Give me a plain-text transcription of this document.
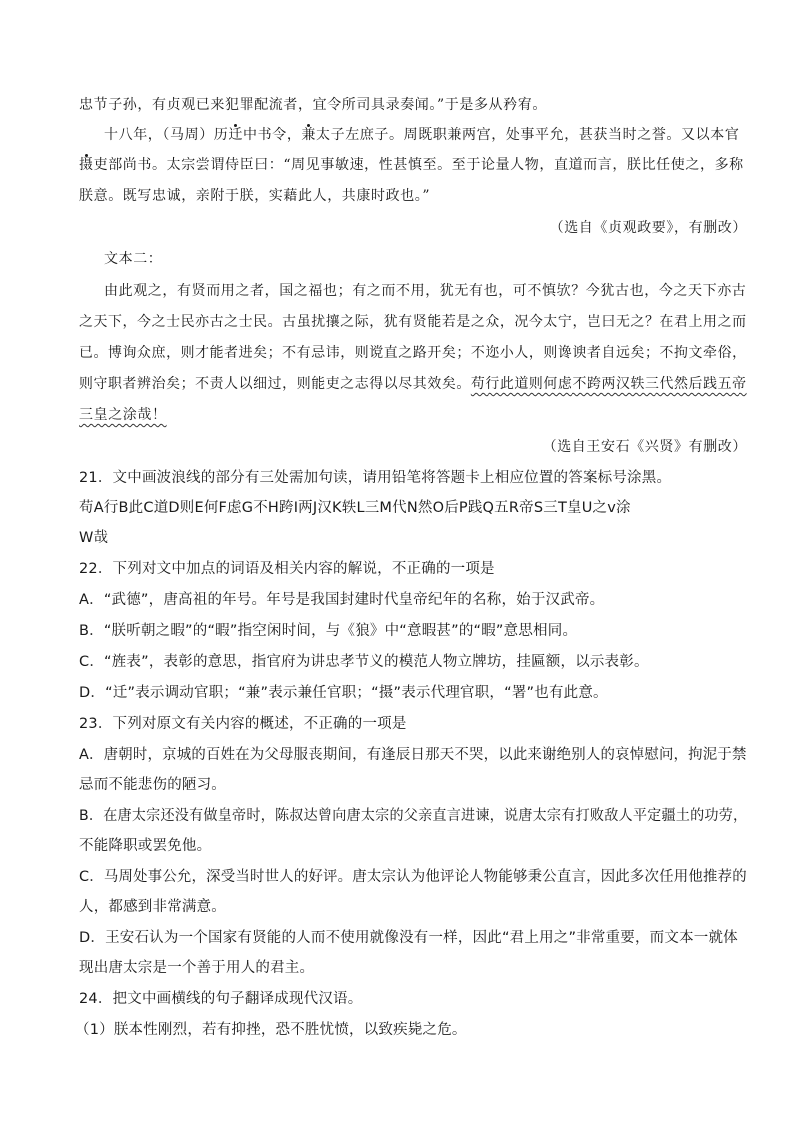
忠节子孙，有贞观已来犯罪配流者，宜令所司具录奏闻。”于是多从矜宥。
十八年，（马周）历迁中书令，兼太子左庶子。周既职兼两宫，处事平允，甚获当时之誉。又以本官
摄吏部尚书。太宗尝谓侍臣曰：“周见事敏速，性甚慎至。至于论量人物，直道而言，朕比任使之，多称
朕意。既写忠诚，亲附于朕，实藉此人，共康时政也。”
（选自《贞观政要》，有删改）
文本二：
由此观之，有贤而用之者，国之福也；有之而不用，犹无有也，可不慎欤？今犹古也，今之天下亦古
之天下，今之士民亦古之士民。古虽扰攘之际，犹有贤能若是之众，况今太宁，岂曰无之？在君上用之而
已。博询众庶，则才能者进矣；不有忌讳，则谠直之路开矣；不迩小人，则谗谀者自远矣；不拘文牵俗，
则守职者辨治矣；不责人以细过，则能吏之志得以尽其效矣。苟行此道则何虑不跨两汉轶三代然后践五帝
三皇之涂哉！
（选自王安石《兴贤》有删改）
21．文中画波浪线的部分有三处需加句读，请用铅笔将答题卡上相应位置的答案标号涂黑。
苟A行B此C道D则E何F虑G不H跨I两J汉K轶L三M代N然O后P践Q五R帝S三T皇U之v涂
W哉
22．下列对文中加点的词语及相关内容的解说，不正确的一项是
A．“武德”，唐高祖的年号。年号是我国封建时代皇帝纪年的名称，始于汉武帝。
B．“朕听朝之暇”的“暇”指空闲时间，与《狼》中“意暇甚”的“暇”意思相同。
C．“旌表”，表彰的意思，指官府为讲忠孝节义的模范人物立牌坊，挂匾额，以示表彰。
D．“迁”表示调动官职；“兼”表示兼任官职；“摄”表示代理官职，“署”也有此意。
23．下列对原文有关内容的概述，不正确的一项是
A．唐朝时，京城的百姓在为父母服丧期间，有逢辰日那天不哭，以此来谢绝别人的哀悼慰问，拘泥于禁
忌而不能悲伤的陋习。
B．在唐太宗还没有做皇帝时，陈叔达曾向唐太宗的父亲直言进谏，说唐太宗有打败敌人平定疆土的功劳，
不能降职或罢免他。
C．马周处事公允，深受当时世人的好评。唐太宗认为他评论人物能够秉公直言，因此多次任用他推荐的
人，都感到非常满意。
D．王安石认为一个国家有贤能的人而不使用就像没有一样，因此“君上用之”非常重要，而文本一就体
现出唐太宗是一个善于用人的君主。
24．把文中画横线的句子翻译成现代汉语。
（1）朕本性刚烈，若有抑挫，恐不胜忧愤，以致疾毙之危。
